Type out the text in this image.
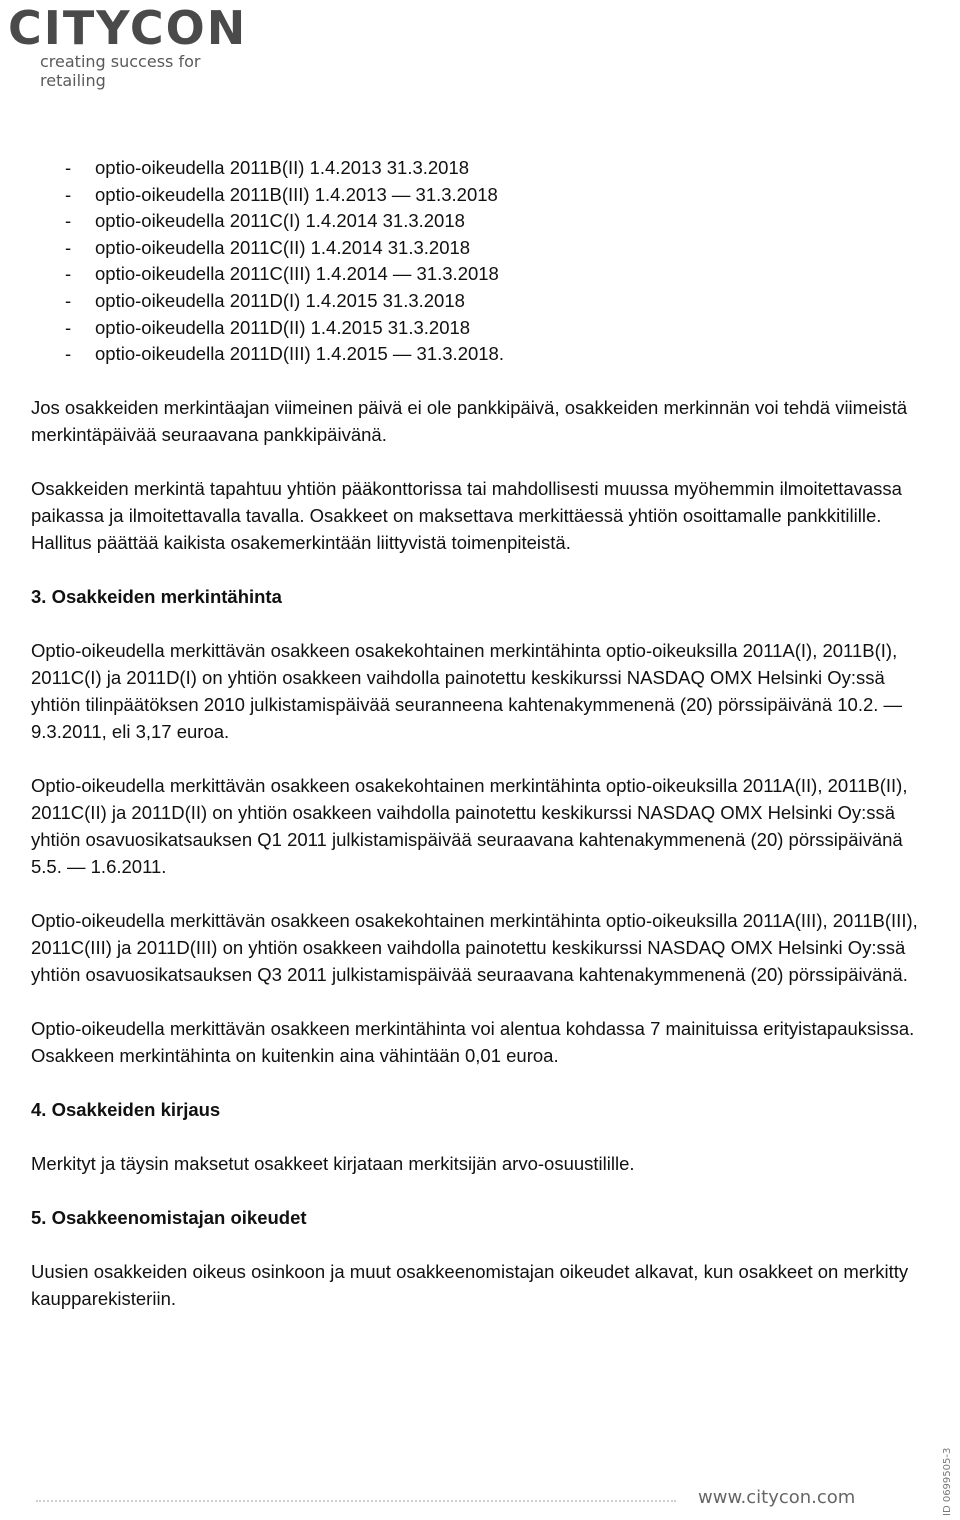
CITYCON
creating success for retailing
- optio-oikeudella 2011B(II) 1.4.2013 31.3.2018
- optio-oikeudella 2011B(III) 1.4.2013 — 31.3.2018
- optio-oikeudella 2011C(I) 1.4.2014 31.3.2018
- optio-oikeudella 2011C(II) 1.4.2014 31.3.2018
- optio-oikeudella 2011C(III) 1.4.2014 — 31.3.2018
- optio-oikeudella 2011D(I) 1.4.2015 31.3.2018
- optio-oikeudella 2011D(II) 1.4.2015 31.3.2018
- optio-oikeudella 2011D(III) 1.4.2015 — 31.3.2018.

Jos osakkeiden merkintäajan viimeinen päivä ei ole pankkipäivä, osakkeiden merkinnän voi tehdä viimeistä merkintäpäivää seuraavana pankkipäivänä.

Osakkeiden merkintä tapahtuu yhtiön pääkonttorissa tai mahdollisesti muussa myöhemmin ilmoitettavassa paikassa ja ilmoitettavalla tavalla. Osakkeet on maksettava merkittäessä yhtiön osoittamalle pankkitilille. Hallitus päättää kaikista osakemerkintään liittyvistä toimenpiteistä.

3. Osakkeiden merkintähinta

Optio-oikeudella merkittävän osakkeen osakekohtainen merkintähinta optio-oikeuksilla 2011A(I), 2011B(I), 2011C(I) ja 2011D(I) on yhtiön osakkeen vaihdolla painotettu keskikurssi NASDAQ OMX Helsinki Oy:ssä yhtiön tilinpäätöksen 2010 julkistamispäivää seuranneena kahtenakymmenenä (20) pörssipäivänä 10.2. — 9.3.2011, eli 3,17 euroa.

Optio-oikeudella merkittävän osakkeen osakekohtainen merkintähinta optio-oikeuksilla 2011A(II), 2011B(II), 2011C(II) ja 2011D(II) on yhtiön osakkeen vaihdolla painotettu keskikurssi NASDAQ OMX Helsinki Oy:ssä yhtiön osavuosikatsauksen Q1 2011 julkistamispäivää seuraavana kahtenakymmenenä (20) pörssipäivänä 5.5. — 1.6.2011.

Optio-oikeudella merkittävän osakkeen osakekohtainen merkintähinta optio-oikeuksilla 2011A(III), 2011B(III), 2011C(III) ja 2011D(III) on yhtiön osakkeen vaihdolla painotettu keskikurssi NASDAQ OMX Helsinki Oy:ssä yhtiön osavuosikatsauksen Q3 2011 julkistamispäivää seuraavana kahtenakymmenenä (20) pörssipäivänä.

Optio-oikeudella merkittävän osakkeen merkintähinta voi alentua kohdassa 7 mainituissa erityistapauksissa. Osakkeen merkintähinta on kuitenkin aina vähintään 0,01 euroa.

4. Osakkeiden kirjaus

Merkityt ja täysin maksetut osakkeet kirjataan merkitsijän arvo-osuustilille.

5. Osakkeenomistajan oikeudet

Uusien osakkeiden oikeus osinkoon ja muut osakkeenomistajan oikeudet alkavat, kun osakkeet on merkitty kaupparekisteriin.

www.citycon.com	ID 0699505-3
